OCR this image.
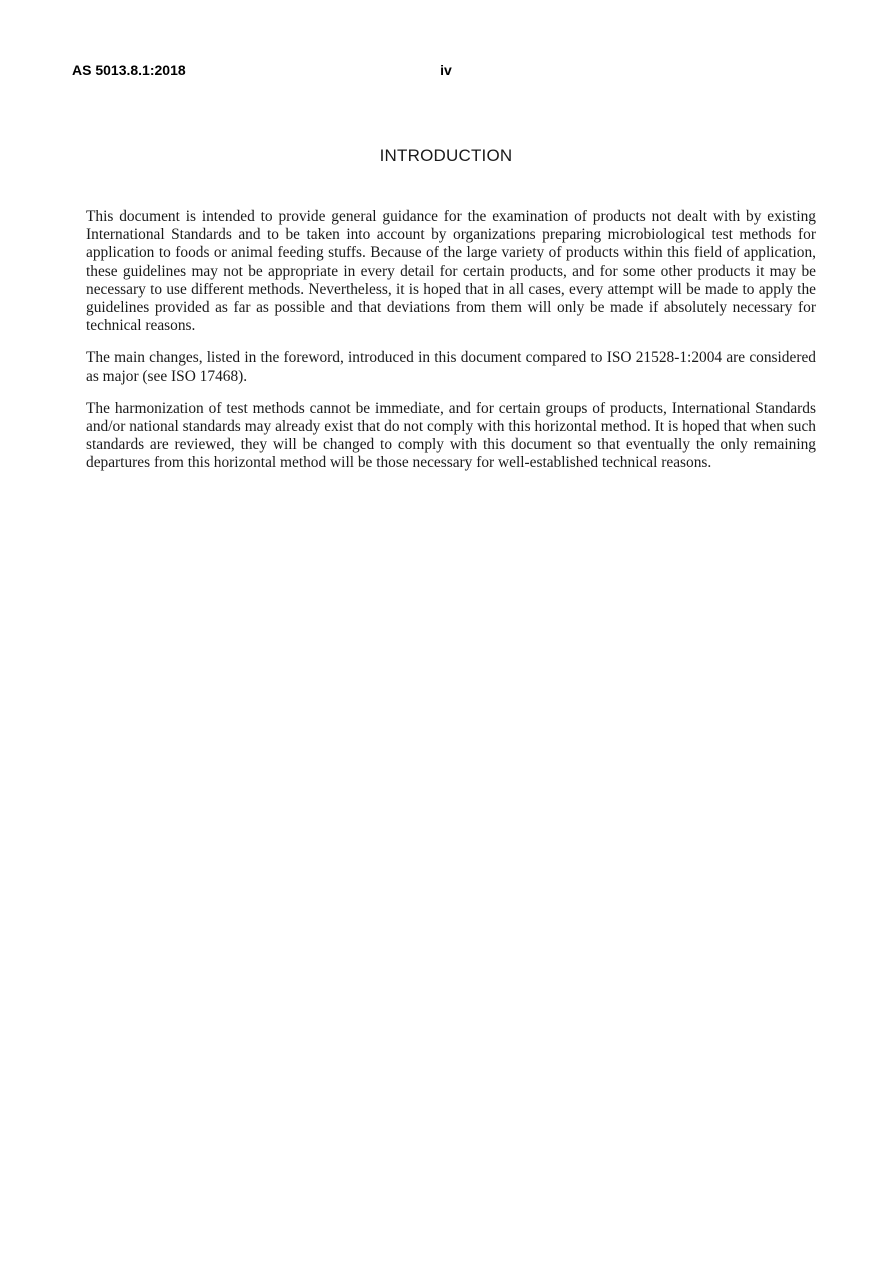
AS 5013.8.1:2018	iv
INTRODUCTION

This document is intended to provide general guidance for the examination of products not dealt with by existing International Standards and to be taken into account by organizations preparing microbiological test methods for application to foods or animal feeding stuffs. Because of the large variety of products within this field of application, these guidelines may not be appropriate in every detail for certain products, and for some other products it may be necessary to use different methods. Nevertheless, it is hoped that in all cases, every attempt will be made to apply the guidelines provided as far as possible and that deviations from them will only be made if absolutely necessary for technical reasons.

The main changes, listed in the foreword, introduced in this document compared to ISO 21528-1:2004 are considered as major (see ISO 17468).

The harmonization of test methods cannot be immediate, and for certain groups of products, International Standards and/or national standards may already exist that do not comply with this horizontal method. It is hoped that when such standards are reviewed, they will be changed to comply with this document so that eventually the only remaining departures from this horizontal method will be those necessary for well-established technical reasons.
